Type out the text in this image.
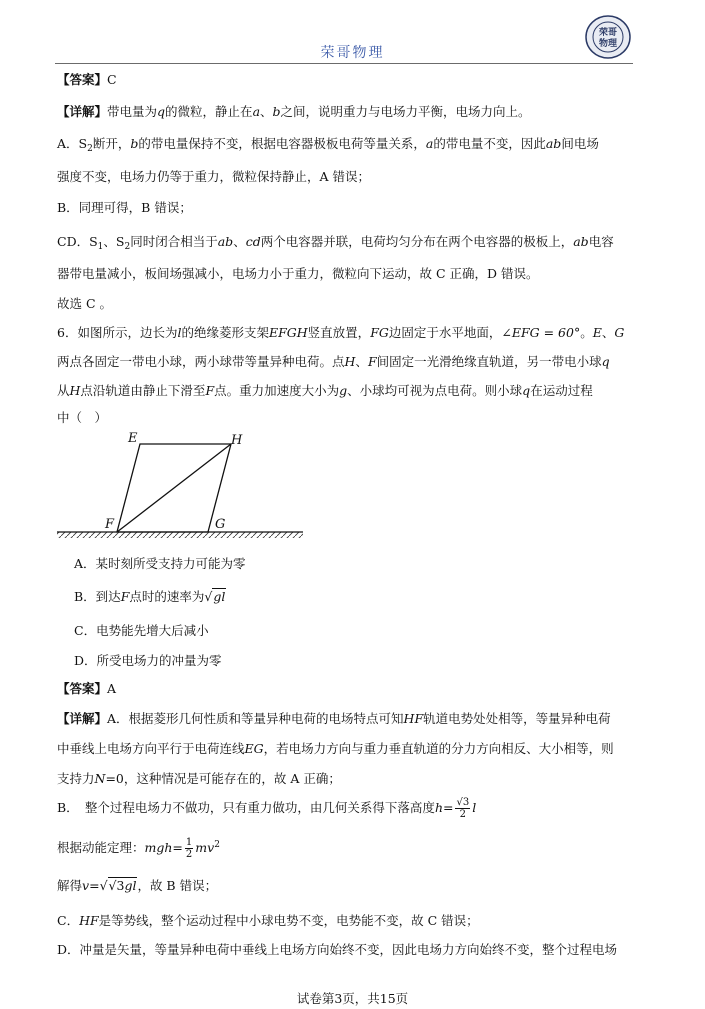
荣哥物理
荣哥
物理
【答案】C
【详解】带电量为q的微粒，静止在a、b之间，说明重力与电场力平衡，电场力向上。
A．$S_2$断开，b的带电量保持不变，根据电容器极板电荷等量关系，a的带电量不变，因此ab间电场
强度不变，电场力仍等于重力，微粒保持静止，A 错误；
B．同理可得，B 错误；
CD．$S_1$、$S_2$同时闭合相当于ab、cd两个电容器并联，电荷均匀分布在两个电容器的极板上，ab电容
器带电量减小，板间场强减小，电场力小于重力，微粒向下运动，故 C 正确，D 错误。
故选 C 。
6．如图所示，边长为l的绝缘菱形支架EFGH竖直放置，FG边固定于水平地面，∠EFG = 60°。E、G
两点各固定一带电小球，两小球带等量异种电荷。点H、F间固定一光滑绝缘直轨道，另一带电小球q
从H点沿轨道由静止下滑至F点。重力加速度大小为g、小球均可视为点电荷。则小球q在运动过程
中（　）
E	H
F	G
A．某时刻所受支持力可能为零
B．到达F点时的速率为√gl
C．电势能先增大后减小
D．所受电场力的冲量为零
【答案】A
【详解】A．根据菱形几何性质和等量异种电荷的电场特点可知HF轨道电势处处相等，等量异种电荷
中垂线上电场方向平行于电荷连线EG，若电场力方向与重力垂直轨道的分力方向相反、大小相等，则
支持力N=0，这种情况是可能存在的，故 A 正确；
B．　整个过程电场力不做功，只有重力做功，由几何关系得下落高度$h= \frac{√3}{2}$ l
根据动能定理：$mgh= \frac{1}{2} mv^2$
解得v=√√3gl，故 B 错误；
C．HF是等势线，整个运动过程中小球电势不变，电势能不变，故 C 错误；
D．冲量是矢量，等量异种电荷中垂线上电场方向始终不变，因此电场力方向始终不变，整个过程电场
试卷第3页，共15页
